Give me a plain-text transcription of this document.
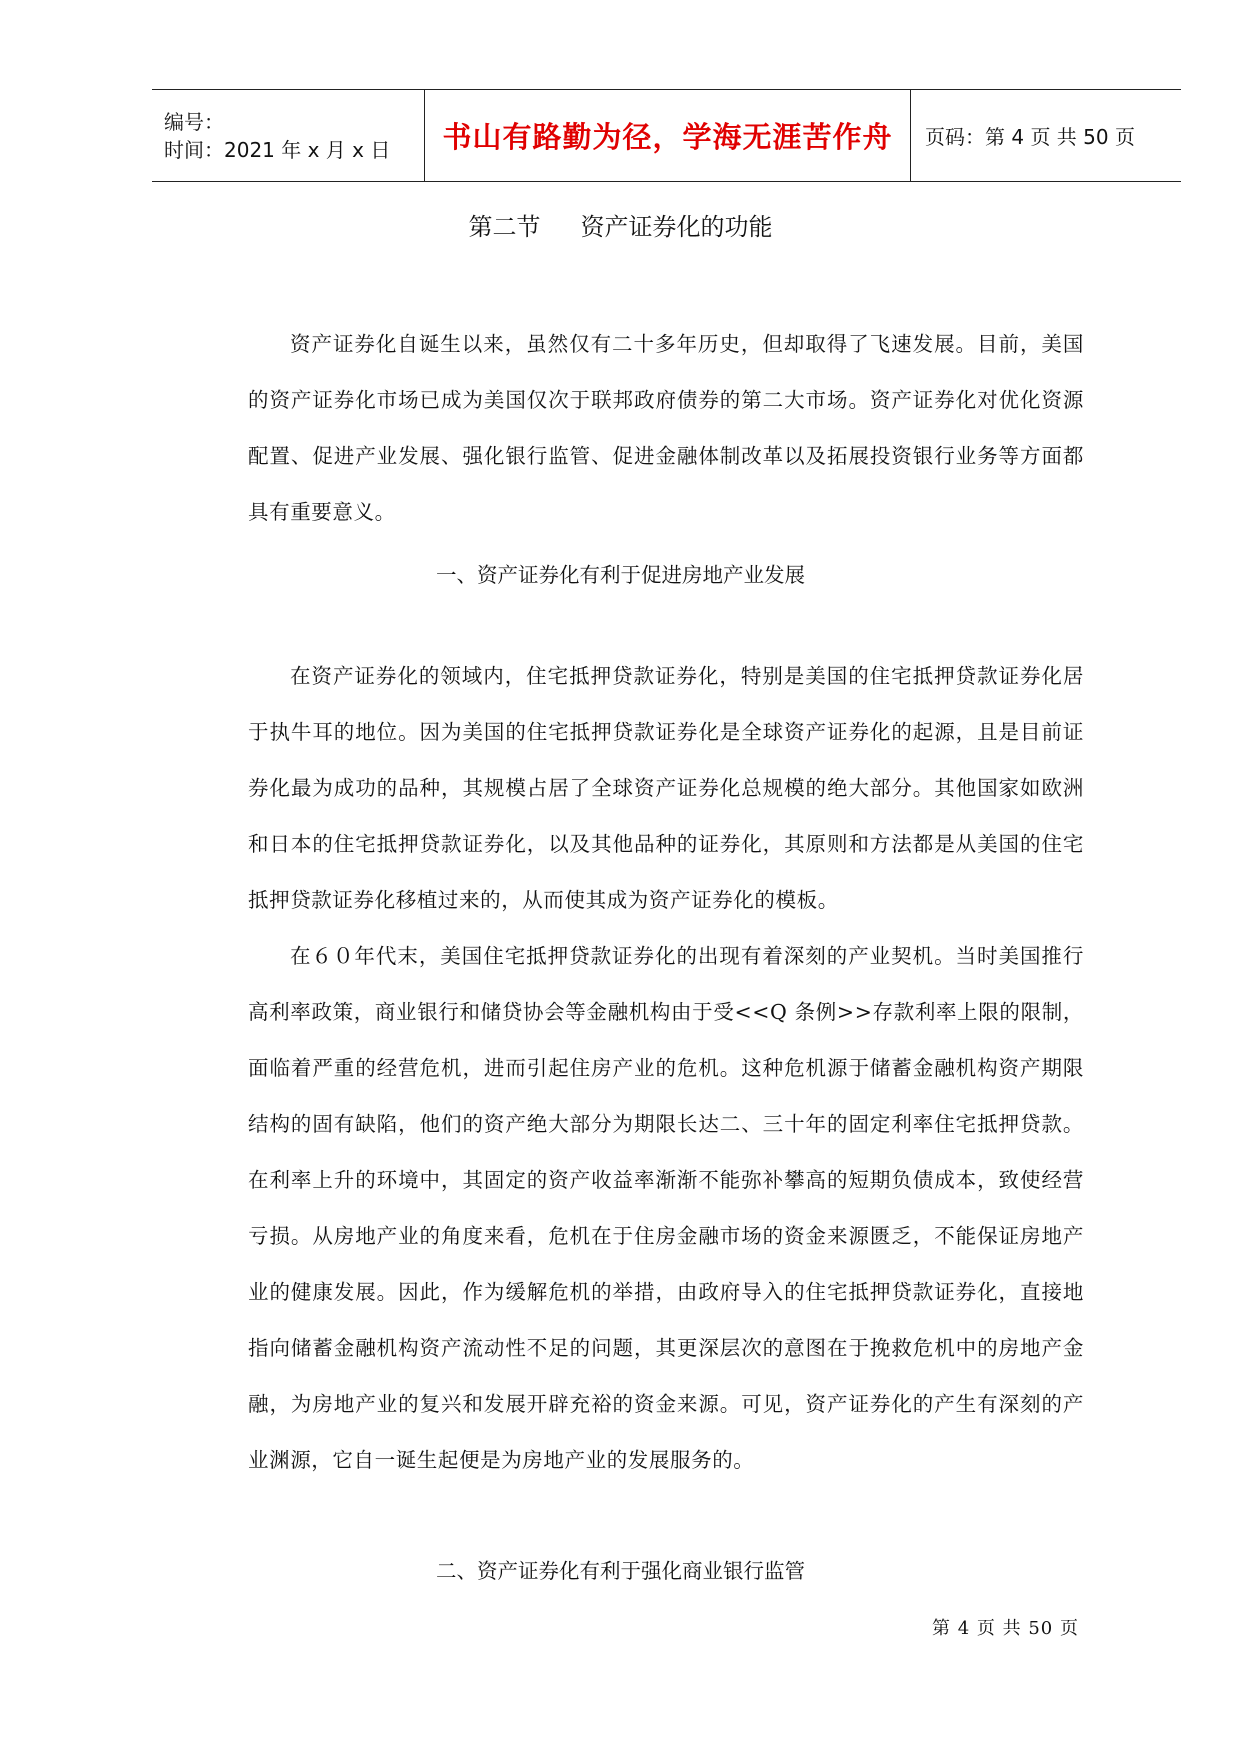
编号：
时间：2021 年 x 月 x 日	书山有路勤为径，学海无涯苦作舟	页码：第 4 页 共 50 页
第二节 资产证券化的功能

资产证券化自诞生以来，虽然仅有二十多年历史，但却取得了飞速发展。目前，美国的资产证券化市场已成为美国仅次于联邦政府债券的第二大市场。资产证券化对优化资源配置、促进产业发展、强化银行监管、促进金融体制改革以及拓展投资银行业务等方面都具有重要意义。

一、资产证券化有利于促进房地产业发展

在资产证券化的领域内，住宅抵押贷款证券化，特别是美国的住宅抵押贷款证券化居于执牛耳的地位。因为美国的住宅抵押贷款证券化是全球资产证券化的起源，且是目前证券化最为成功的品种，其规模占居了全球资产证券化总规模的绝大部分。其他国家如欧洲和日本的住宅抵押贷款证券化，以及其他品种的证券化，其原则和方法都是从美国的住宅抵押贷款证券化移植过来的，从而使其成为资产证券化的模板。

在６０年代末，美国住宅抵押贷款证券化的出现有着深刻的产业契机。当时美国推行高利率政策，商业银行和储贷协会等金融机构由于受<<Q 条例>>存款利率上限的限制，面临着严重的经营危机，进而引起住房产业的危机。这种危机源于储蓄金融机构资产期限结构的固有缺陷，他们的资产绝大部分为期限长达二、三十年的固定利率住宅抵押贷款。在利率上升的环境中，其固定的资产收益率渐渐不能弥补攀高的短期负债成本，致使经营亏损。从房地产业的角度来看，危机在于住房金融市场的资金来源匮乏，不能保证房地产业的健康发展。因此，作为缓解危机的举措，由政府导入的住宅抵押贷款证券化，直接地指向储蓄金融机构资产流动性不足的问题，其更深层次的意图在于挽救危机中的房地产金融，为房地产业的复兴和发展开辟充裕的资金来源。可见，资产证券化的产生有深刻的产业渊源，它自一诞生起便是为房地产业的发展服务的。

二、资产证券化有利于强化商业银行监管
第 4 页 共 50 页
